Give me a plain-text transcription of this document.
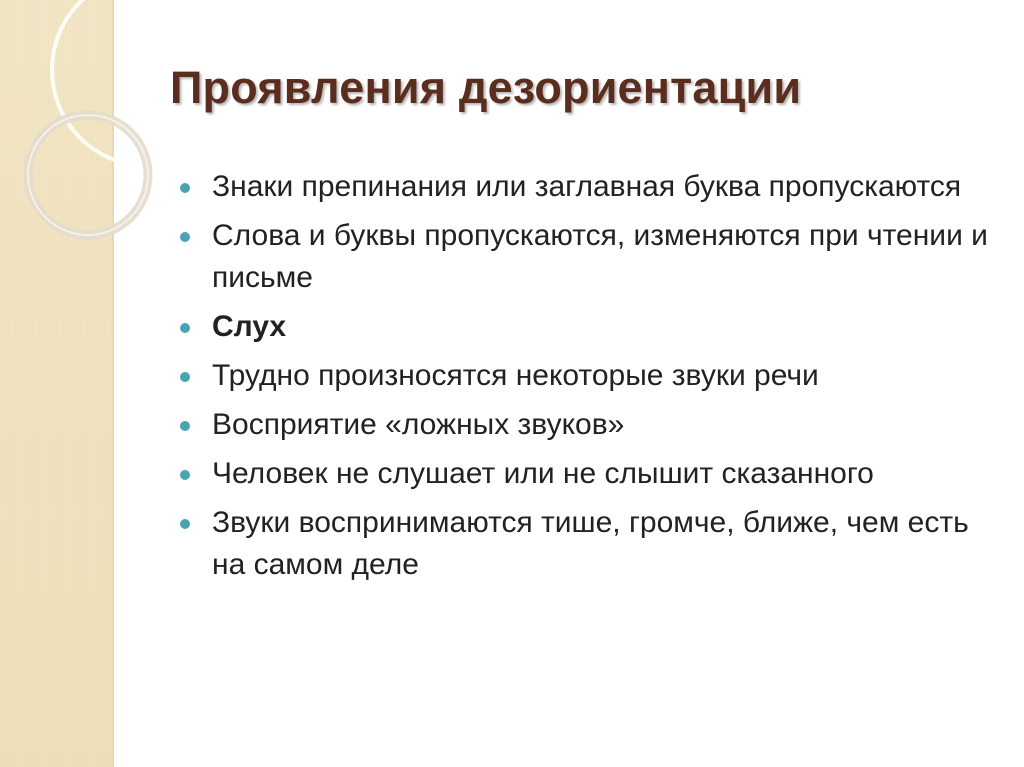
Проявления дезориентации
Знаки препинания или заглавная буква пропускаются
Слова и буквы пропускаются, изменяются при чтении и письме
Слух
Трудно произносятся некоторые звуки речи
Восприятие «ложных звуков»
Человек не слушает или не слышит сказанного
Звуки воспринимаются тише, громче, ближе, чем есть на самом деле
